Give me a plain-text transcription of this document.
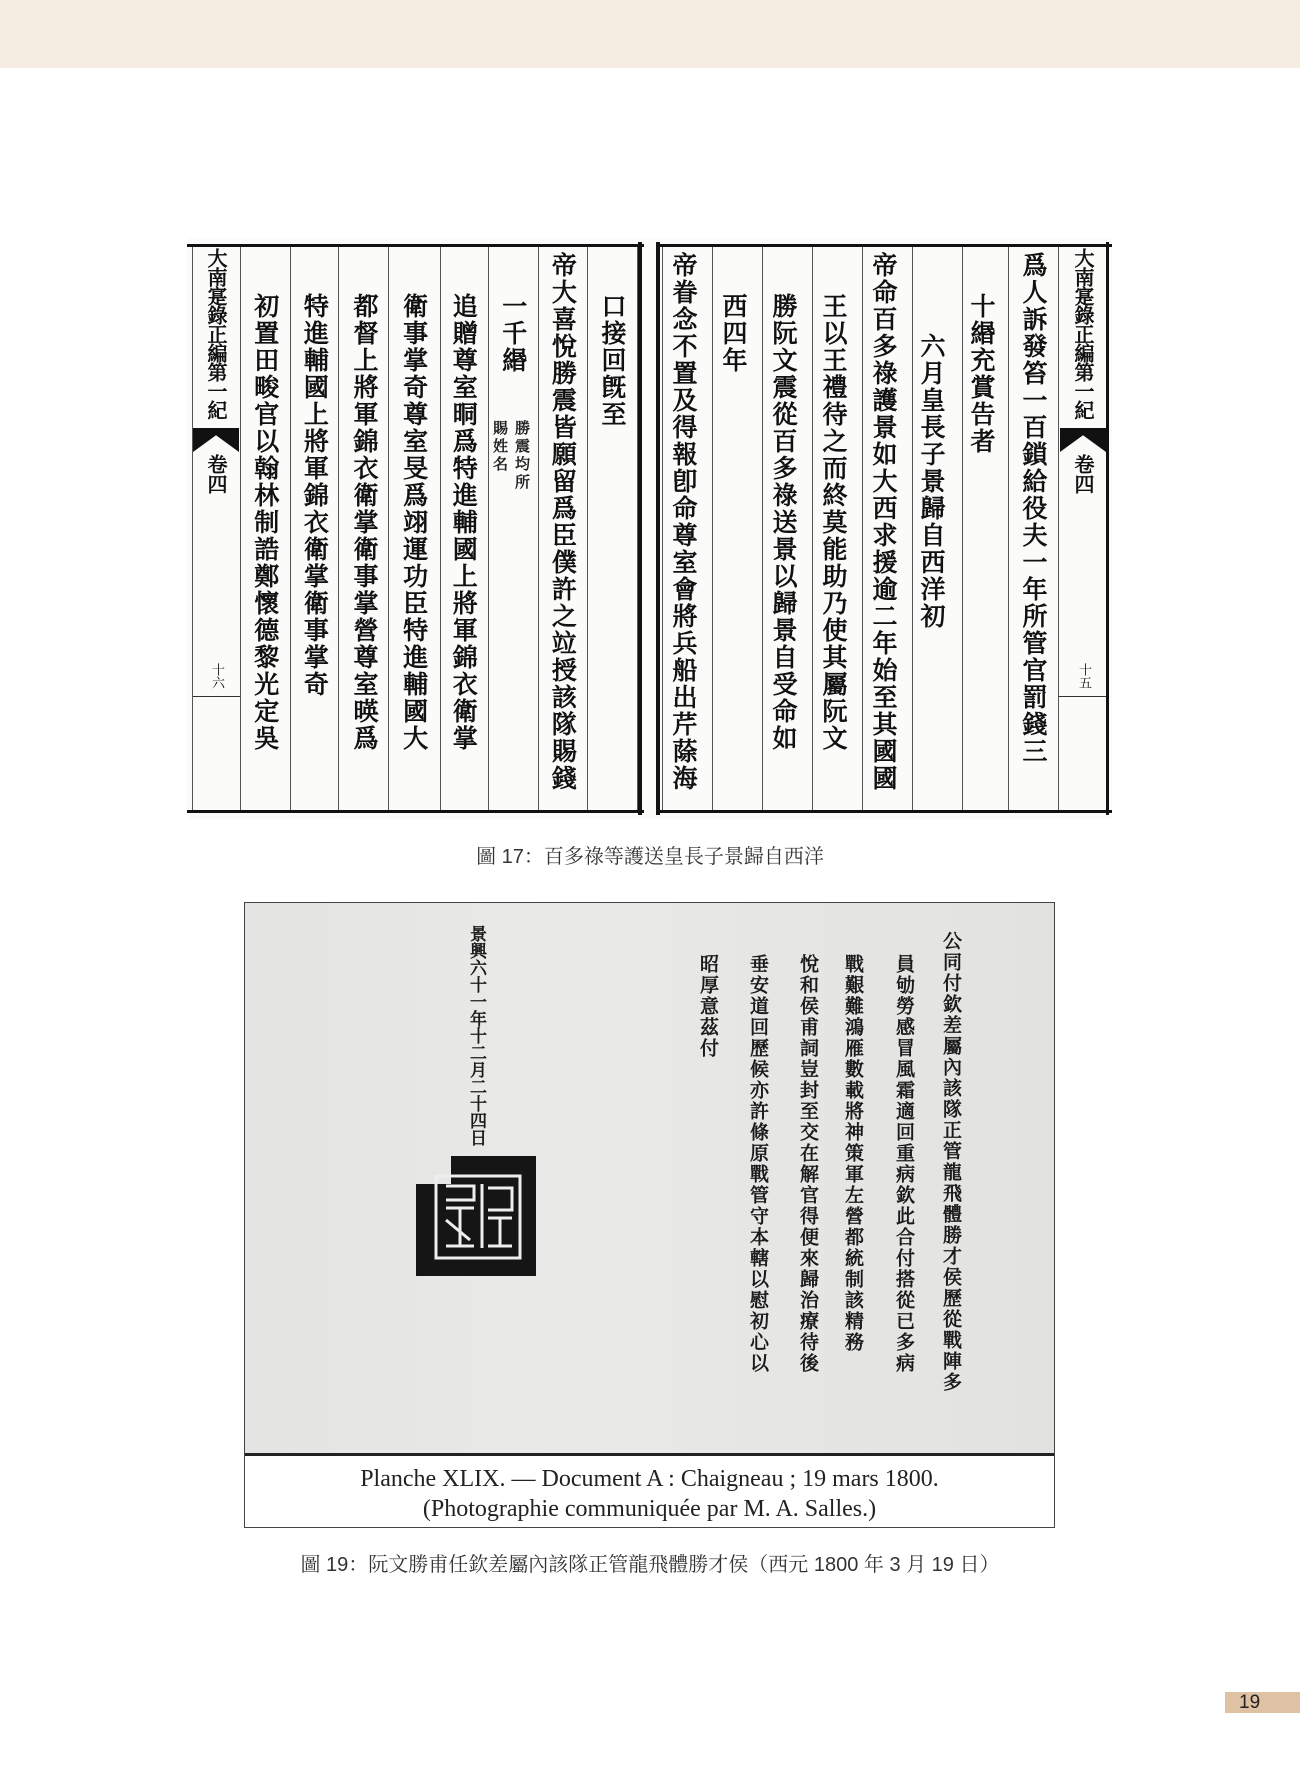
口接回旣至
帝大喜悅勝震皆願留爲臣僕許之竝授該隊賜錢
一千緡
追贈尊室晍爲特進輔國上將軍錦衣衛掌
衛事掌奇尊室旻爲翊運功臣特進輔國大
都督上將軍錦衣衛掌衛事掌營尊室暎爲
特進輔國上將軍錦衣衛掌衛事掌奇
初置田畯官以翰林制誥鄭懷德黎光定吳	勝震均所
賜姓名
大南寔錄正編第一紀
卷四
十六	爲人訴發笞一百鎖給役夫一年所管官罰錢三
十緡充賞告者
六月皇長子景歸自西洋初
帝命百多祿護景如大西求援逾二年始至其國國
王以王禮待之而終莫能助乃使其屬阮文
勝阮文震從百多祿送景以歸景自受命如
西四年
帝眷念不置及得報卽命尊室會將兵船出芹蒢海	大南寔錄正編第一紀
卷四
十五
圖 17：百多祿等護送皇長子景歸自西洋
景興六十一年十二月二十四日	公同付欽差屬內該隊正管龍飛體勝才侯歷從戰陣多
員劬勞感冒風霜適回重病欽此合付搭從已多病
戰艱難鴻雁數載將神策軍左營都統制該精務
悅和侯甫詞豈封至交在解官得便來歸治療待後
垂安道回歷候亦許條原戰管守本轄以慰初心以
昭厚意茲付
Planche XLIX. — Document A : Chaigneau ; 19 mars 1800.
(Photographie communiquée par M. A. Salles.)
圖 19：阮文勝甫任欽差屬內該隊正管龍飛體勝才侯（西元 1800 年 3 月 19 日）
19
